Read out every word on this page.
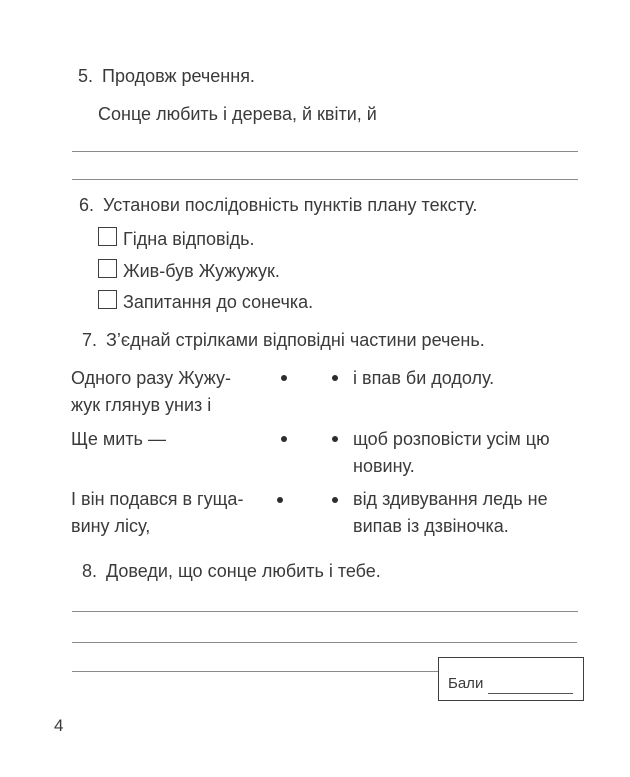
5. Продовж речення.
Сонце любить і дерева, й квіти, й
6. Установи послідовність пунктів плану тексту.
Гідна відповідь.
Жив-був Жужужук.
Запитання до сонечка.
7. З’єднай стрілками відповідні частини речень.
Одного разу Жужу-
жук глянув униз і
і впав би додолу.
Ще мить —	щоб розповісти усім цю
новину.
І він подався в гуща-
вину лісу,
від здивування ледь не
випав із дзвіночка.
8. Доведи, що сонце любить і тебе.
Бали
4
